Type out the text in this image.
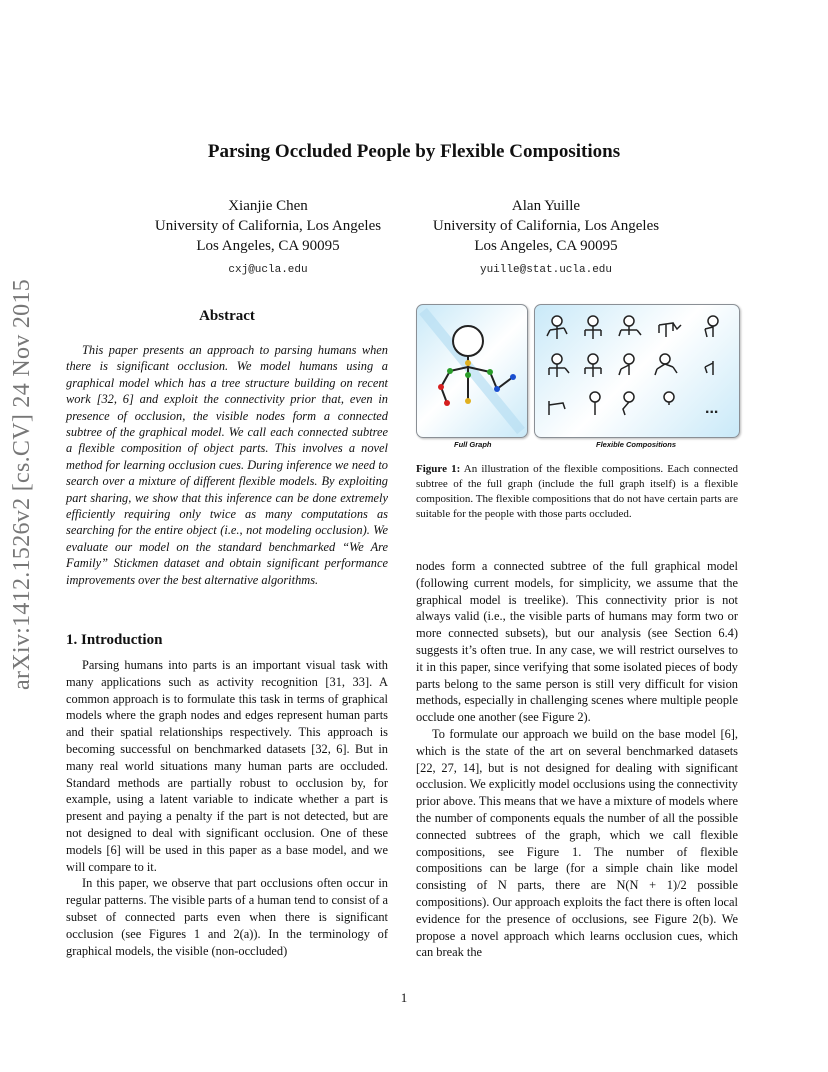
arXiv:1412.1526v2 [cs.CV] 24 Nov 2015
Parsing Occluded People by Flexible Compositions
Xianjie Chen
University of California, Los Angeles
Los Angeles, CA 90095
cxj@ucla.edu
Alan Yuille
University of California, Los Angeles
Los Angeles, CA 90095
yuille@stat.ucla.edu
Abstract

This paper presents an approach to parsing humans when there is significant occlusion. We model humans using a graphical model which has a tree structure building on recent work [32, 6] and exploit the connectivity prior that, even in presence of occlusion, the visible nodes form a connected subtree of the graphical model. We call each connected subtree a flexible composition of object parts. This involves a novel method for learning occlusion cues. During inference we need to search over a mixture of different flexible models. By exploiting part sharing, we show that this inference can be done extremely efficiently requiring only twice as many computations as searching for the entire object (i.e., not modeling occlusion). We evaluate our model on the standard benchmarked “We Are Family” Stickmen dataset and obtain significant performance improvements over the best alternative algorithms.

1. Introduction

Parsing humans into parts is an important visual task with many applications such as activity recognition [31, 33]. A common approach is to formulate this task in terms of graphical models where the graph nodes and edges represent human parts and their spatial relationships respectively. This approach is becoming successful on benchmarked datasets [32, 6]. But in many real world situations many human parts are occluded. Standard methods are partially robust to occlusion by, for example, using a latent variable to indicate whether a part is present and paying a penalty if the part is not detected, but are not designed to deal with significant occlusion. One of these models [6] will be used in this paper as a base model, and we will compare to it.

In this paper, we observe that part occlusions often occur in regular patterns. The visible parts of a human tend to consist of a subset of connected parts even when there is significant occlusion (see Figures 1 and 2(a)). In the terminology of graphical models, the visible (non-occluded)

...
Full Graph	Flexible Compositions
Figure 1: An illustration of the flexible compositions. Each connected subtree of the full graph (include the full graph itself) is a flexible composition. The flexible compositions that do not have certain parts are suitable for the people with those parts occluded.

nodes form a connected subtree of the full graphical model (following current models, for simplicity, we assume that the graphical model is treelike). This connectivity prior is not always valid (i.e., the visible parts of humans may form two or more connected subsets), but our analysis (see Section 6.4) suggests it’s often true. In any case, we will restrict ourselves to it in this paper, since verifying that some isolated pieces of body parts belong to the same person is still very difficult for vision methods, especially in challenging scenes where multiple people occlude one another (see Figure 2).

To formulate our approach we build on the base model [6], which is the state of the art on several benchmarked datasets [22, 27, 14], but is not designed for dealing with significant occlusion. We explicitly model occlusions using the connectivity prior above. This means that we have a mixture of models where the number of components equals the number of all the possible connected subtrees of the graph, which we call flexible compositions, see Figure 1. The number of flexible compositions can be large (for a simple chain like model consisting of N parts, there are N(N + 1)/2 possible compositions). Our approach exploits the fact there is often local evidence for the presence of occlusions, see Figure 2(b). We propose a novel approach which learns occlusion cues, which can break the

1
